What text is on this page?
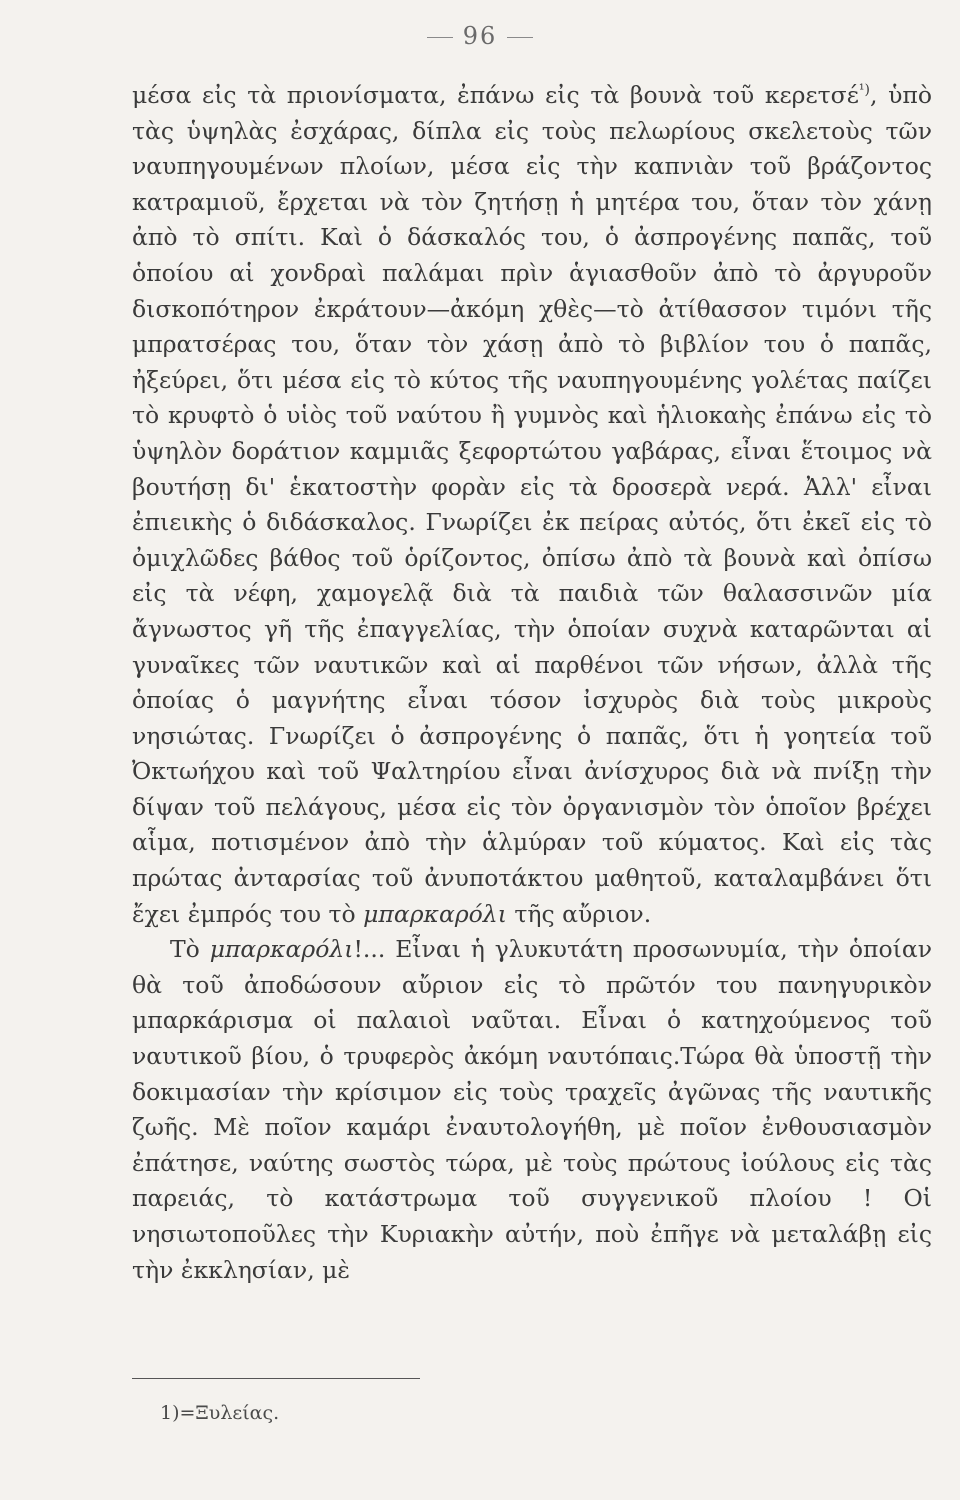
96

μέσα εἰς τὰ πριονίσματα, ἐπάνω εἰς τὰ βουνὰ τοῦ κερετσέ$^{^1)}$, ὑπὸ τὰς ὑψηλὰς ἐσχάρας, δίπλα εἰς τοὺς πελωρίους σκελετοὺς τῶν ναυπηγουμένων πλοίων, μέσα εἰς τὴν καπνιὰν τοῦ βράζοντος κατραμιοῦ, ἔρχεται νὰ τὸν ζητήσῃ ἡ μητέρα του, ὅταν τὸν χάνῃ ἀπὸ τὸ σπίτι. Καὶ ὁ δάσκαλός του, ὁ ἀσπρογένης παπᾶς, τοῦ ὁποίου αἱ χονδραὶ παλάμαι πρὶν ἁγιασθοῦν ἀπὸ τὸ ἀργυροῦν δισκοπότηρον ἐκράτουν—ἀκόμη χθὲς—τὸ ἀτίθασσον τιμόνι τῆς μπρατσέρας του, ὅταν τὸν χάσῃ ἀπὸ τὸ βιβλίον του ὁ παπᾶς, ἠξεύρει, ὅτι μέσα εἰς τὸ κύτος τῆς ναυπηγουμένης γολέτας παίζει τὸ κρυφτὸ ὁ υἱὸς τοῦ ναύτου ἢ γυμνὸς καὶ ἡλιοκαὴς ἐπάνω εἰς τὸ ὑψηλὸν δοράτιον καμμιᾶς ξεφορτώτου γαβάρας, εἶναι ἕτοιμος νὰ βουτήσῃ δι' ἑκατοστὴν φορὰν εἰς τὰ δροσερὰ νερά. Ἀλλ' εἶναι ἐπιεικὴς ὁ διδάσκαλος. Γνωρίζει ἐκ πείρας αὐτός, ὅτι ἐκεῖ εἰς τὸ ὀμιχλῶδες βάθος τοῦ ὁρίζοντος, ὀπίσω ἀπὸ τὰ βουνὰ καὶ ὀπίσω εἰς τὰ νέφη, χαμογελᾷ διὰ τὰ παιδιὰ τῶν θαλασσινῶν μία ἄγνωστος γῆ τῆς ἐπαγγελίας, τὴν ὁποίαν συχνὰ καταρῶνται αἱ γυναῖκες τῶν ναυτικῶν καὶ αἱ παρθένοι τῶν νήσων, ἀλλὰ τῆς ὁποίας ὁ μαγνήτης εἶναι τόσον ἰσχυρὸς διὰ τοὺς μικροὺς νησιώτας. Γνωρίζει ὁ ἀσπρογένης ὁ παπᾶς, ὅτι ἡ γοητεία τοῦ Ὀκτωήχου καὶ τοῦ Ψαλτηρίου εἶναι ἀνίσχυρος διὰ νὰ πνίξῃ τὴν δίψαν τοῦ πελάγους, μέσα εἰς τὸν ὀργανισμὸν τὸν ὁποῖον βρέχει αἷμα, ποτισμένον ἀπὸ τὴν ἁλμύραν τοῦ κύματος. Καὶ εἰς τὰς πρώτας ἀνταρσίας τοῦ ἀνυποτάκτου μαθητοῦ, καταλαμβάνει ὅτι ἔχει ἐμπρός του τὸ μπαρκαρόλι τῆς αὔριον.

Τὸ μπαρκαρόλι!... Εἶναι ἡ γλυκυτάτη προσωνυμία, τὴν ὁποίαν θὰ τοῦ ἀποδώσουν αὔριον εἰς τὸ πρῶτόν του πανηγυρικὸν μπαρκάρισμα οἱ παλαιοὶ ναῦται. Εἶναι ὁ κατηχούμενος τοῦ ναυτικοῦ βίου, ὁ τρυφερὸς ἀκόμη ναυτόπαις.Τώρα θὰ ὑποστῇ τὴν δοκιμασίαν τὴν κρίσιμον εἰς τοὺς τραχεῖς ἀγῶνας τῆς ναυτικῆς ζωῆς. Μὲ ποῖον καμάρι ἐναυτολογήθη, μὲ ποῖον ἐνθουσιασμὸν ἐπάτησε, ναύτης σωστὸς τώρα, μὲ τοὺς πρώτους ἰούλους εἰς τὰς παρειάς, τὸ κατάστρωμα τοῦ συγγενικοῦ πλοίου ! Οἱ νησιωτοποῦλες τὴν Κυριακὴν αὐτήν, ποὺ ἐπῆγε νὰ μεταλάβῃ εἰς τὴν ἐκκλησίαν, μὲ

1)=Ξυλείας.
